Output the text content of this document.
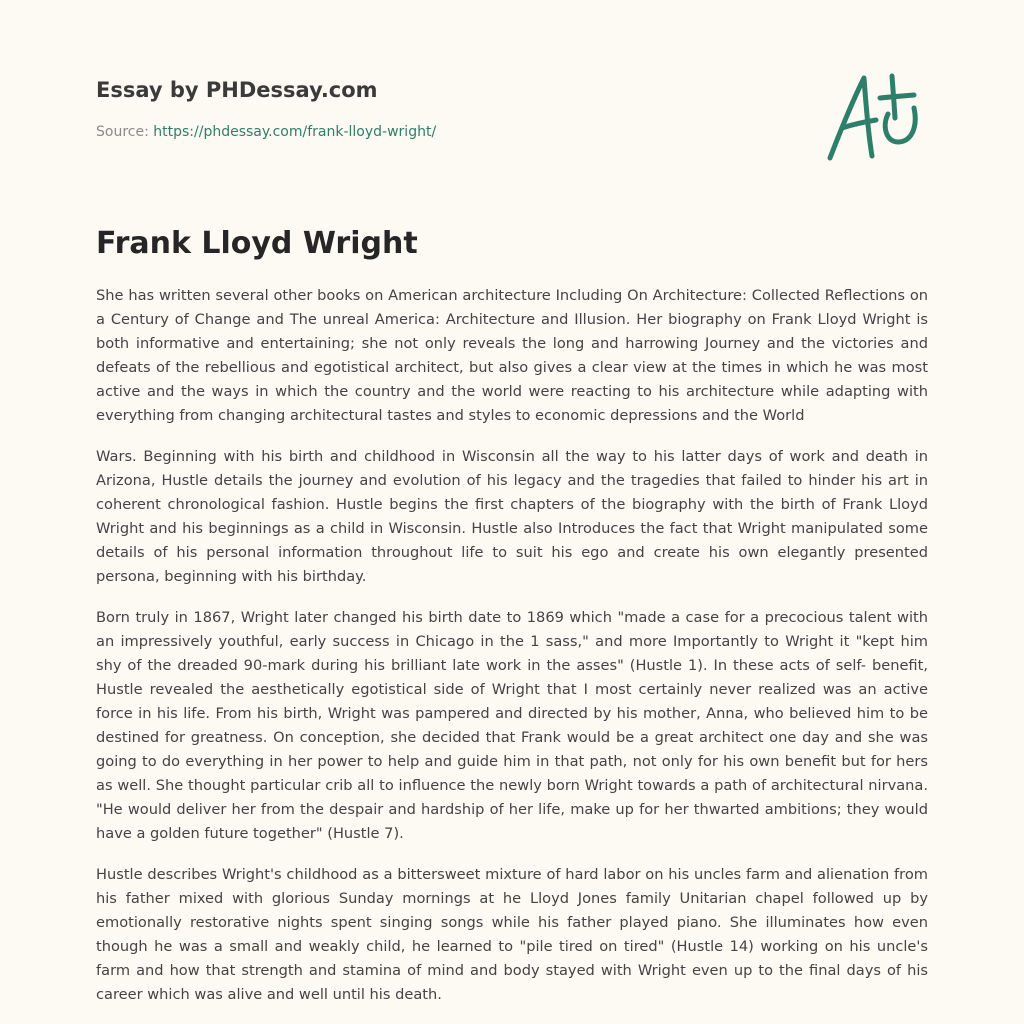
Essay by PHDessay.com
Source: https://phdessay.com/frank-lloyd-wright/
Frank Lloyd Wright

She has written several other books on American architecture Including On Architecture: Collected Reflections on a Century of Change and The unreal America: Architecture and Illusion. Her biography on Frank Lloyd Wright is both informative and entertaining; she not only reveals the long and harrowing Journey and the victories and defeats of the rebellious and egotistical architect, but also gives a clear view at the times in which he was most active and the ways in which the country and the world were reacting to his architecture while adapting with everything from changing architectural tastes and styles to economic depressions and the World

Wars. Beginning with his birth and childhood in Wisconsin all the way to his latter days of work and death in Arizona, Hustle details the journey and evolution of his legacy and the tragedies that failed to hinder his art in coherent chronological fashion. Hustle begins the first chapters of the biography with the birth of Frank Lloyd Wright and his beginnings as a child in Wisconsin. Hustle also Introduces the fact that Wright manipulated some details of his personal information throughout life to suit his ego and create his own elegantly presented persona, beginning with his birthday.

Born truly in 1867, Wright later changed his birth date to 1869 which "made a case for a precocious talent with an impressively youthful, early success in Chicago in the 1 sass," and more Importantly to Wright it "kept him shy of the dreaded 90-mark during his brilliant late work in the asses" (Hustle 1). In these acts of self- benefit, Hustle revealed the aesthetically egotistical side of Wright that I most certainly never realized was an active force in his life. From his birth, Wright was pampered and directed by his mother, Anna, who believed him to be destined for greatness. On conception, she decided that Frank would be a great architect one day and she was going to do everything in her power to help and guide him in that path, not only for his own benefit but for hers as well. She thought particular crib all to influence the newly born Wright towards a path of architectural nirvana. "He would deliver her from the despair and hardship of her life, make up for her thwarted ambitions; they would have a golden future together" (Hustle 7).

Hustle describes Wright's childhood as a bittersweet mixture of hard labor on his uncles farm and alienation from his father mixed with glorious Sunday mornings at he Lloyd Jones family Unitarian chapel followed up by emotionally restorative nights spent singing songs while his father played piano. She illuminates how even though he was a small and weakly child, he learned to "pile tired on tired" (Hustle 14) working on his uncle's farm and how that strength and stamina of mind and body stayed with Wright even up to the final days of his career which was alive and well until his death.
